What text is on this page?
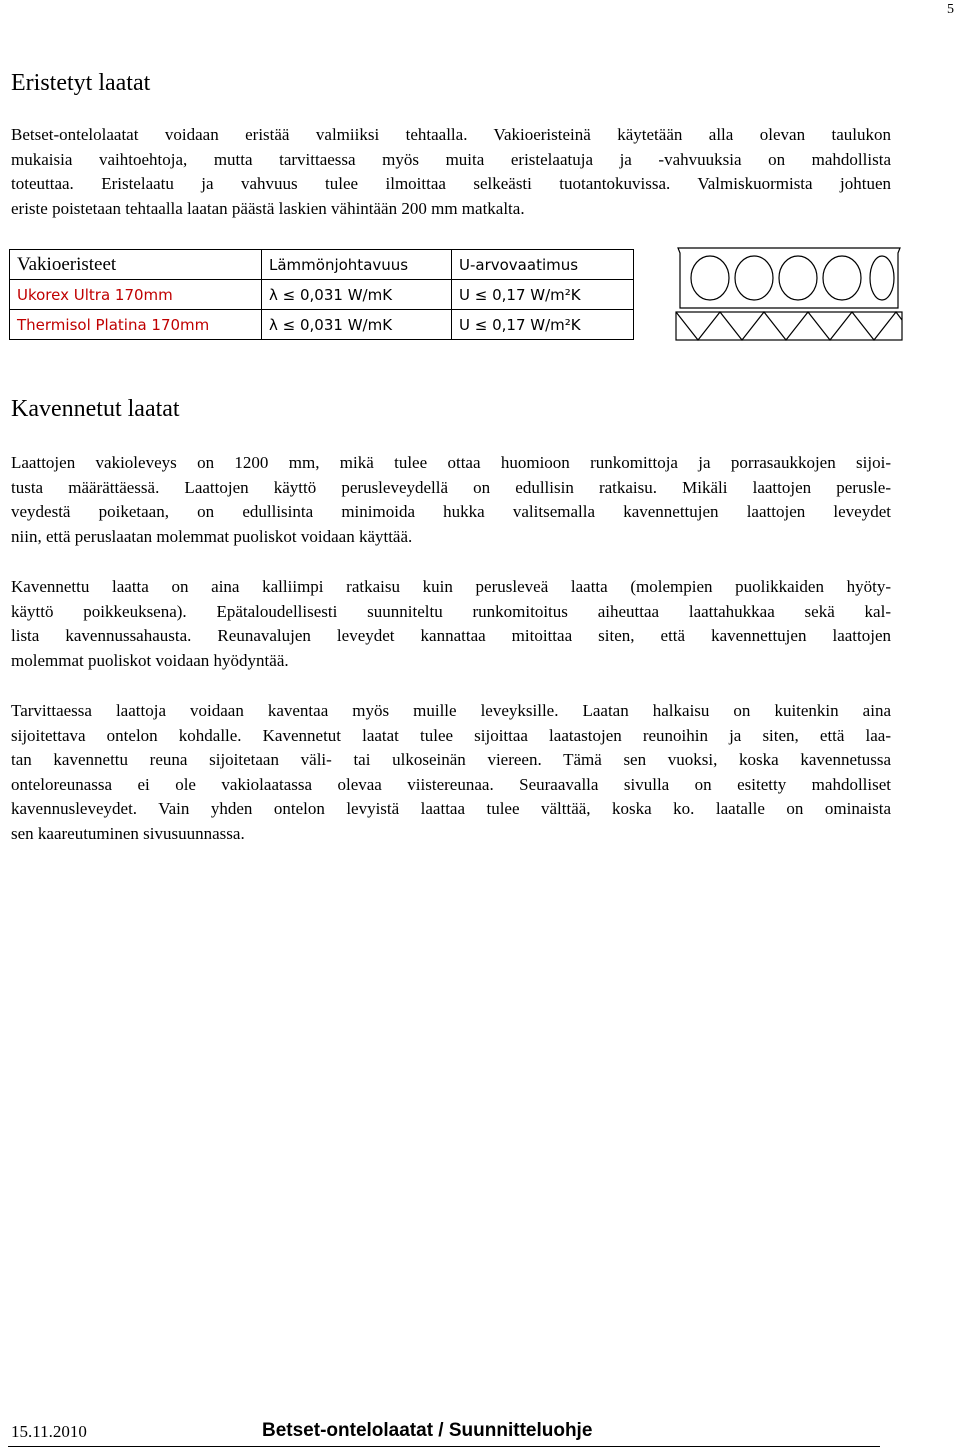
5
Eristetyt laatat
Betset-ontelolaatat voidaan eristää valmiiksi tehtaalla. Vakioeristeinä käytetään alla olevan taulukon
mukaisia vaihtoehtoja, mutta tarvittaessa myös muita eristelaatuja ja -vahvuuksia on mahdollista
toteuttaa. Eristelaatu ja vahvuus tulee ilmoittaa selkeästi tuotantokuvissa. Valmiskuormista johtuen
eriste poistetaan tehtaalla laatan päästä laskien vähintään 200 mm matkalta.
Vakioeristeet	Lämmönjohtavuus	U-arvovaatimus
Ukorex Ultra 170mm	λ ≤ 0,031 W/mK	U ≤ 0,17 W/m²K
Thermisol Platina 170mm	λ ≤ 0,031 W/mK	U ≤ 0,17 W/m²K
Kavennetut laatat
Laattojen vakioleveys on 1200 mm, mikä tulee ottaa huomioon runkomittoja ja porrasaukkojen sijoi-
tusta määrättäessä. Laattojen käyttö perusleveydellä on edullisin ratkaisu. Mikäli laattojen perusle-
veydestä poiketaan, on edullisinta minimoida hukka valitsemalla kavennettujen laattojen leveydet
niin, että peruslaatan molemmat puoliskot voidaan käyttää.
Kavennettu laatta on aina kalliimpi ratkaisu kuin perusleveä laatta (molempien puolikkaiden hyöty-
käyttö poikkeuksena). Epätaloudellisesti suunniteltu runkomitoitus aiheuttaa laattahukkaa sekä kal-
lista kavennussahausta. Reunavalujen leveydet kannattaa mitoittaa siten, että kavennettujen laattojen
molemmat puoliskot voidaan hyödyntää.
Tarvittaessa laattoja voidaan kaventaa myös muille leveyksille. Laatan halkaisu on kuitenkin aina
sijoitettava ontelon kohdalle. Kavennetut laatat tulee sijoittaa laatastojen reunoihin ja siten, että laa-
tan kavennettu reuna sijoitetaan väli- tai ulkoseinän viereen. Tämä sen vuoksi, koska kavennetussa
onteloreunassa ei ole vakiolaatassa olevaa viistereunaa. Seuraavalla sivulla on esitetty mahdolliset
kavennusleveydet. Vain yhden ontelon levyistä laattaa tulee välttää, koska ko. laatalle on ominaista
sen kaareutuminen sivusuunnassa.
15.11.2010	Betset-ontelolaatat / Suunnitteluohje
